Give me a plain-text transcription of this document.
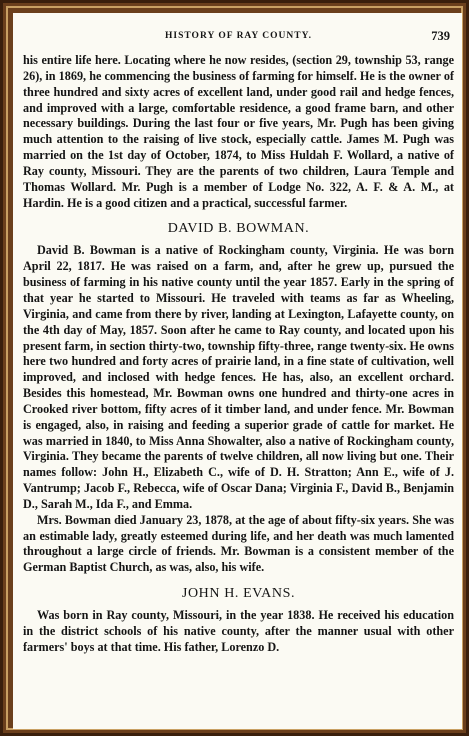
HISTORY OF RAY COUNTY.	739

his entire life here. Locating where he now resides, (section 29, township 53, range 26), in 1869, he commencing the business of farming for himself. He is the owner of three hundred and sixty acres of excellent land, under good rail and hedge fences, and improved with a large, comfortable residence, a good frame barn, and other necessary buildings. During the last four or five years, Mr. Pugh has been giving much attention to the raising of live stock, especially cattle. James M. Pugh was married on the 1st day of October, 1874, to Miss Huldah F. Wollard, a native of Ray county, Missouri. They are the parents of two children, Laura Temple and Thomas Wollard. Mr. Pugh is a member of Lodge No. 322, A. F. & A. M., at Hardin. He is a good citizen and a practical, successful farmer.

DAVID B. BOWMAN.

David B. Bowman is a native of Rockingham county, Virginia. He was born April 22, 1817. He was raised on a farm, and, after he grew up, pursued the business of farming in his native county until the year 1857. Early in the spring of that year he started to Missouri. He traveled with teams as far as Wheeling, Virginia, and came from there by river, landing at Lexington, Lafayette county, on the 4th day of May, 1857. Soon after he came to Ray county, and located upon his present farm, in section thirty-two, township fifty-three, range twenty-six. He owns here two hundred and forty acres of prairie land, in a fine state of cultivation, well improved, and inclosed with hedge fences. He has, also, an excellent orchard. Besides this homestead, Mr. Bowman owns one hundred and thirty-one acres in Crooked river bottom, fifty acres of it timber land, and under fence. Mr. Bowman is engaged, also, in raising and feeding a superior grade of cattle for market. He was married in 1840, to Miss Anna Showalter, also a native of Rockingham county, Virginia. They became the parents of twelve children, all now living but one. Their names follow: John H., Elizabeth C., wife of D. H. Stratton; Ann E., wife of J. Vantrump; Jacob F., Rebecca, wife of Oscar Dana; Virginia F., David B., Benjamin D., Sarah M., Ida F., and Emma.

Mrs. Bowman died January 23, 1878, at the age of about fifty-six years. She was an estimable lady, greatly esteemed during life, and her death was much lamented throughout a large circle of friends. Mr. Bowman is a consistent member of the German Baptist Church, as was, also, his wife.

JOHN H. EVANS.

Was born in Ray county, Missouri, in the year 1838. He received his education in the district schools of his native county, after the manner usual with other farmers' boys at that time. His father, Lorenzo D.
